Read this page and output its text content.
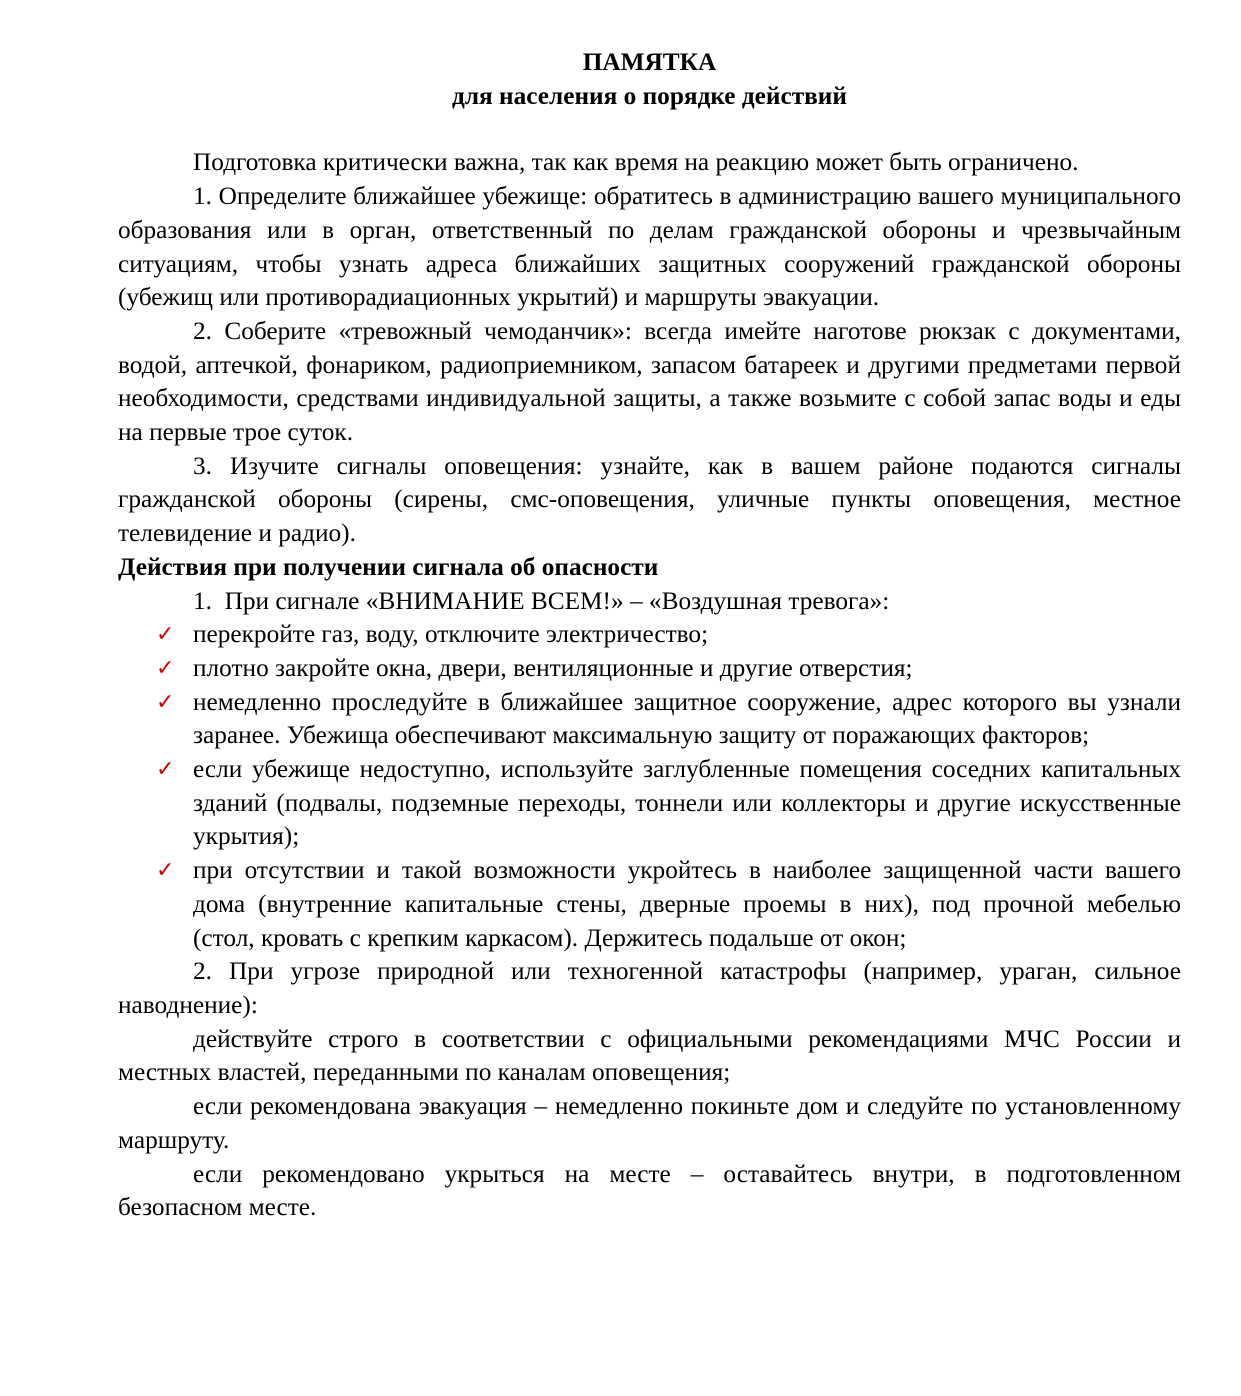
ПАМЯТКА
для населения о порядке действий

Подготовка критически важна, так как время на реакцию может быть ограничено.

1. Определите ближайшее убежище: обратитесь в администрацию вашего муниципального образования или в орган, ответственный по делам гражданской обороны и чрезвычайным ситуациям, чтобы узнать адреса ближайших защитных сооружений гражданской обороны (убежищ или противорадиационных укрытий) и маршруты эвакуации.

2. Соберите «тревожный чемоданчик»: всегда имейте наготове рюкзак с документами, водой, аптечкой, фонариком, радиоприемником, запасом батареек и другими предметами первой необходимости, средствами индивидуальной защиты, а также возьмите с собой запас воды и еды на первые трое суток.

3. Изучите сигналы оповещения: узнайте, как в вашем районе подаются сигналы гражданской обороны (сирены, смс-оповещения, уличные пункты оповещения, местное телевидение и радио).

Действия при получении сигнала об опасности

1. При сигнале «ВНИМАНИЕ ВСЕМ!» – «Воздушная тревога»:

✓ перекройте газ, воду, отключите электричество;
✓ плотно закройте окна, двери, вентиляционные и другие отверстия;
✓ немедленно проследуйте в ближайшее защитное сооружение, адрес которого вы узнали заранее. Убежища обеспечивают максимальную защиту от поражающих факторов;
✓ если убежище недоступно, используйте заглубленные помещения соседних капитальных зданий (подвалы, подземные переходы, тоннели или коллекторы и другие искусственные укрытия);
✓ при отсутствии и такой возможности укройтесь в наиболее защищенной части вашего дома (внутренние капитальные стены, дверные проемы в них), под прочной мебелью (стол, кровать с крепким каркасом). Держитесь подальше от окон;

2. При угрозе природной или техногенной катастрофы (например, ураган, сильное наводнение):

действуйте строго в соответствии с официальными рекомендациями МЧС России и местных властей, переданными по каналам оповещения;

если рекомендована эвакуация – немедленно покиньте дом и следуйте по установленному маршруту.

если рекомендовано укрыться на месте – оставайтесь внутри, в подготовленном безопасном месте.
